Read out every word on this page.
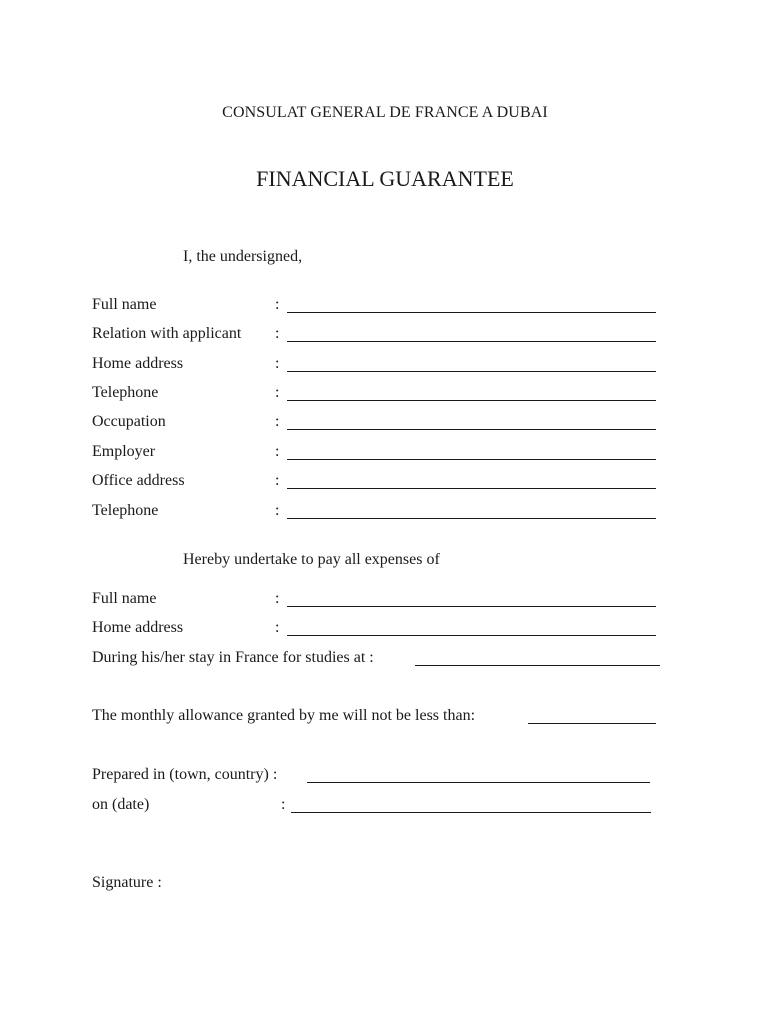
CONSULAT GENERAL DE FRANCE A DUBAI
FINANCIAL GUARANTEE
I, the undersigned,
Full name	:
Relation with applicant :
Home address	:
Telephone	:
Occupation	:
Employer	:
Office address	:
Telephone	:
Hereby undertake to pay all expenses of
Full name	:
Home address	:
During his/her stay in France for studies at :
The monthly allowance granted by me will not be less than:
Prepared in (town, country) :
on (date)	:
Signature :
